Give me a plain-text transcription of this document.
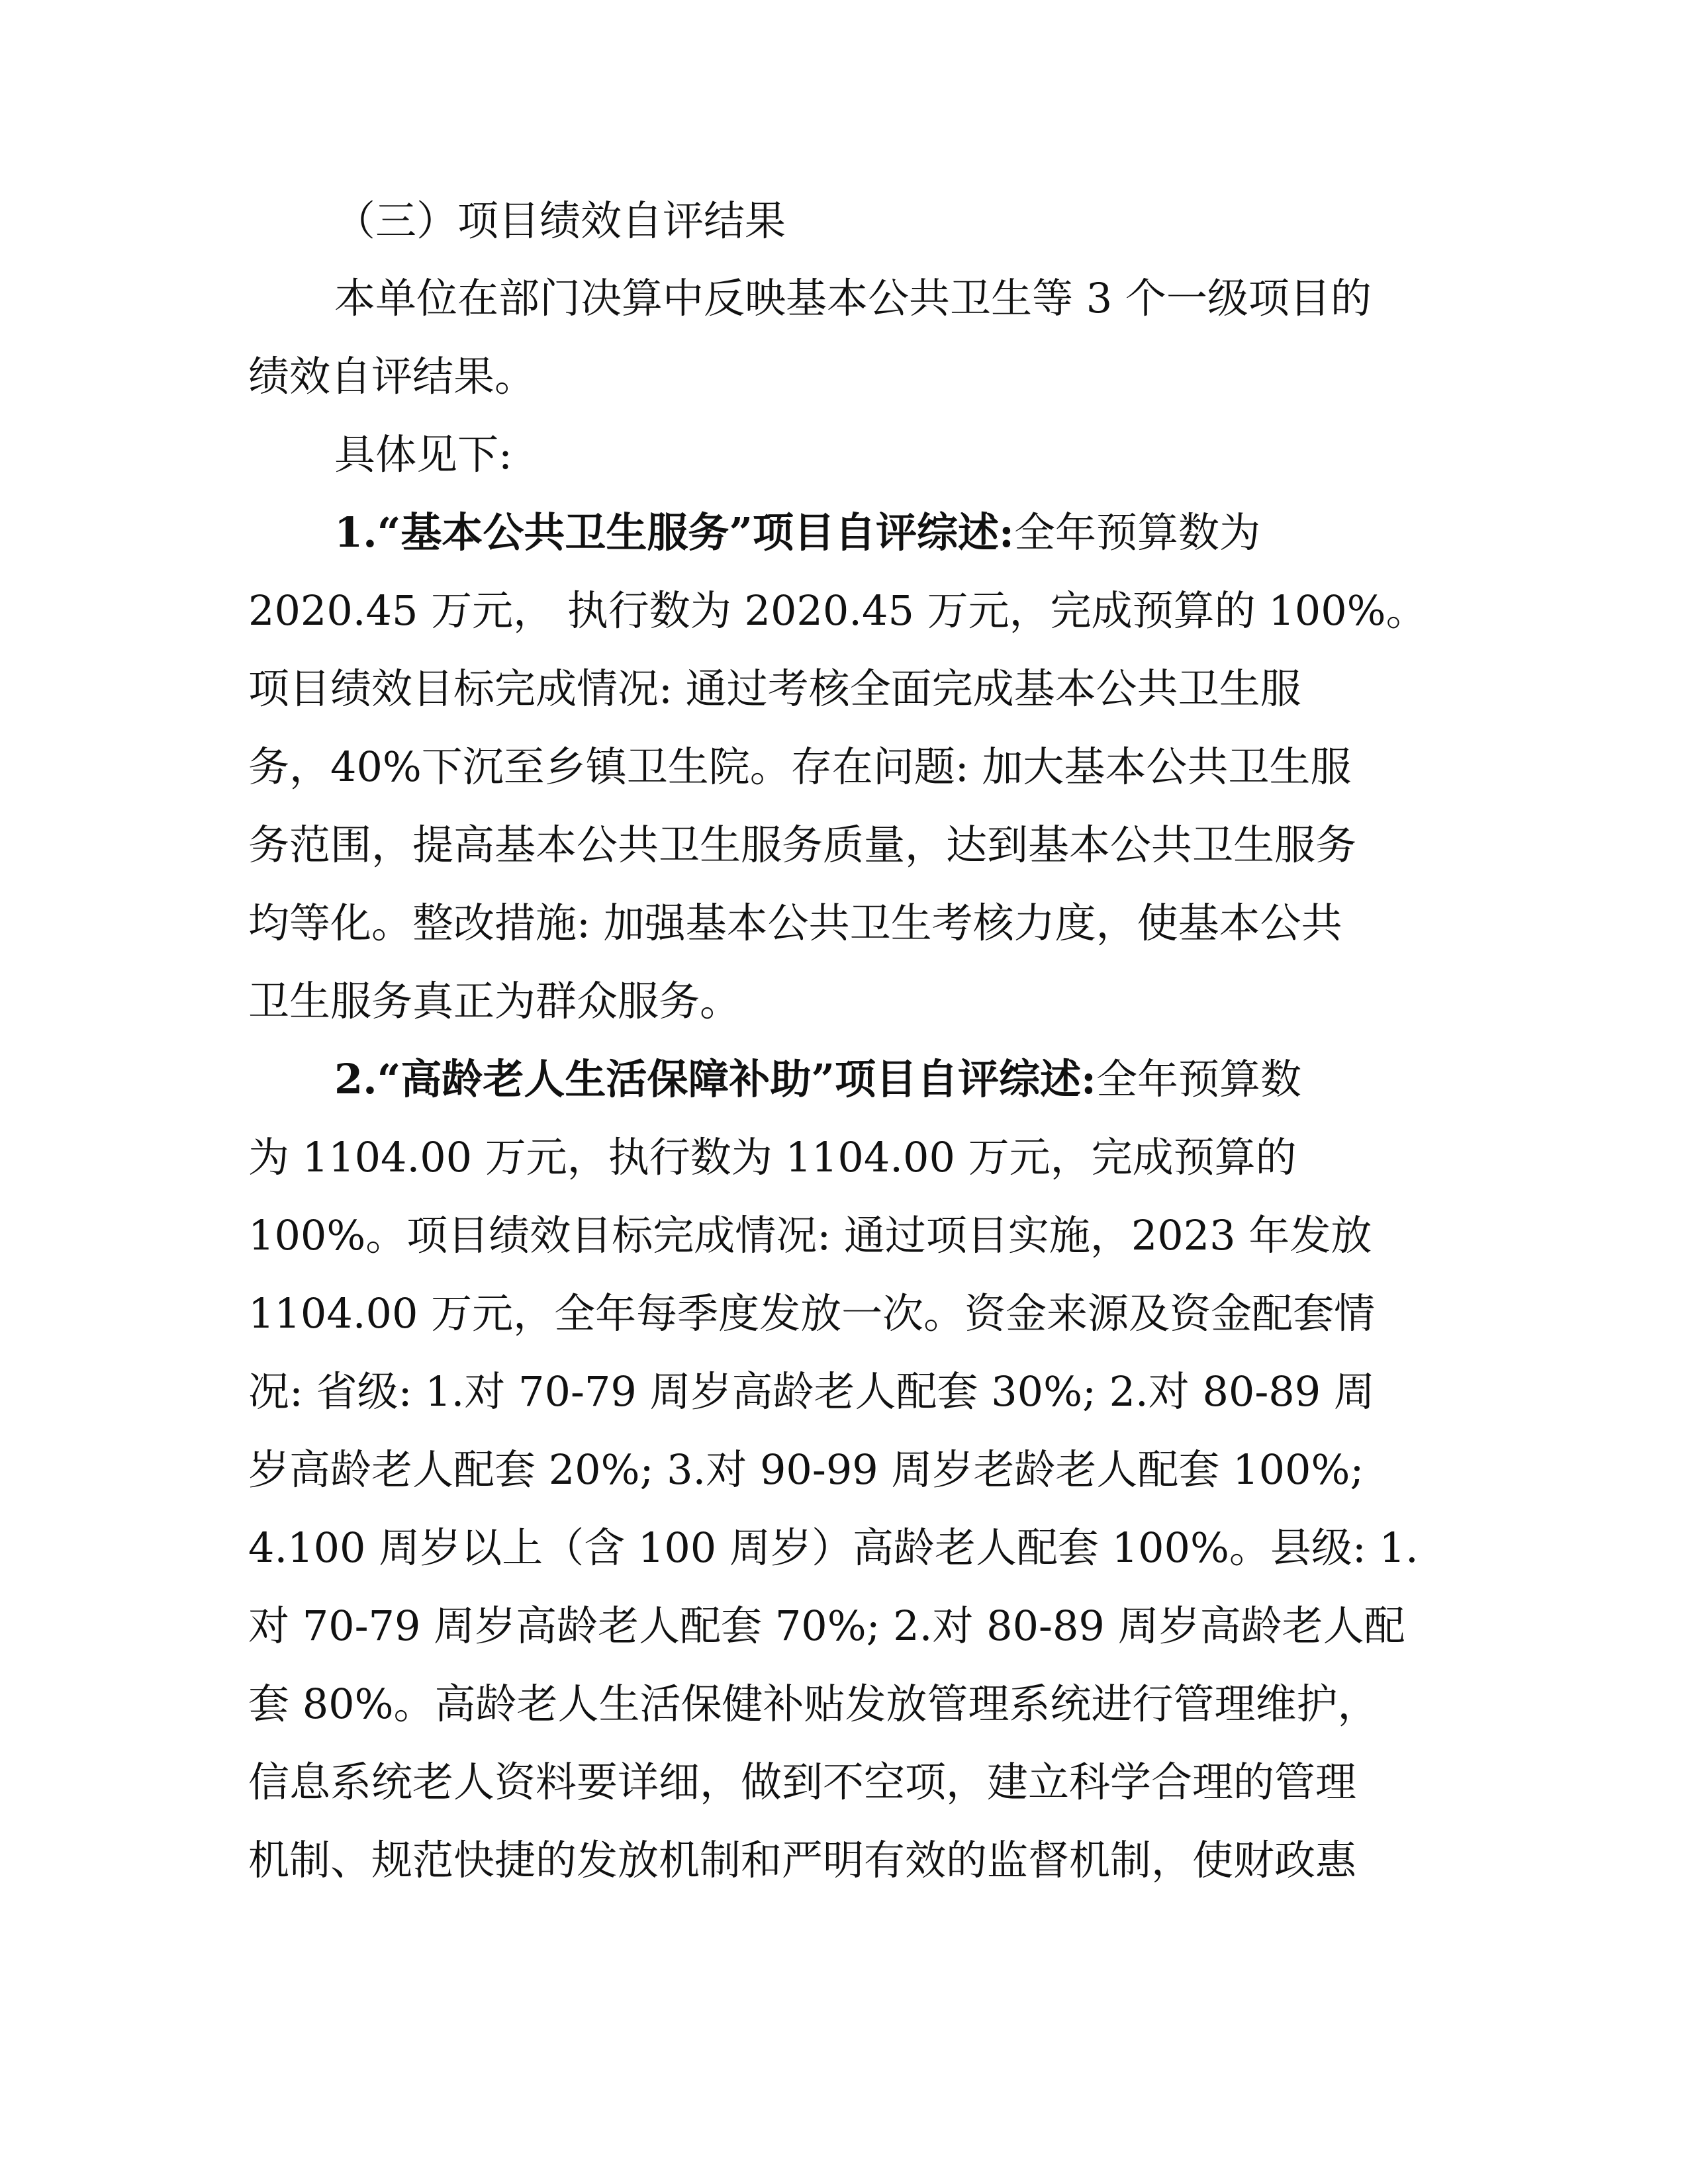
（三）项目绩效自评结果
本单位在部门决算中反映基本公共卫生等 3 个一级项目的
绩效自评结果。
具体见下:
1.“基本公共卫生服务”项目自评综述:全年预算数为
2020.45 万元， 执行数为 2020.45 万元，完成预算的 100%。
项目绩效目标完成情况: 通过考核全面完成基本公共卫生服
务，40%下沉至乡镇卫生院。存在问题: 加大基本公共卫生服
务范围，提高基本公共卫生服务质量，达到基本公共卫生服务
均等化。整改措施: 加强基本公共卫生考核力度，使基本公共
卫生服务真正为群众服务。
2.“高龄老人生活保障补助”项目自评综述:全年预算数
为 1104.00 万元，执行数为 1104.00 万元，完成预算的
100%。项目绩效目标完成情况: 通过项目实施，2023 年发放
1104.00 万元，全年每季度发放一次。资金来源及资金配套情
况: 省级: 1.对 70-79 周岁高龄老人配套 30%; 2.对 80-89 周
岁高龄老人配套 20%; 3.对 90-99 周岁老龄老人配套 100%;
4.100 周岁以上（含 100 周岁）高龄老人配套 100%。县级: 1.
对 70-79 周岁高龄老人配套 70%; 2.对 80-89 周岁高龄老人配
套 80%。高龄老人生活保健补贴发放管理系统进行管理维护，
信息系统老人资料要详细，做到不空项，建立科学合理的管理
机制、规范快捷的发放机制和严明有效的监督机制，使财政惠
